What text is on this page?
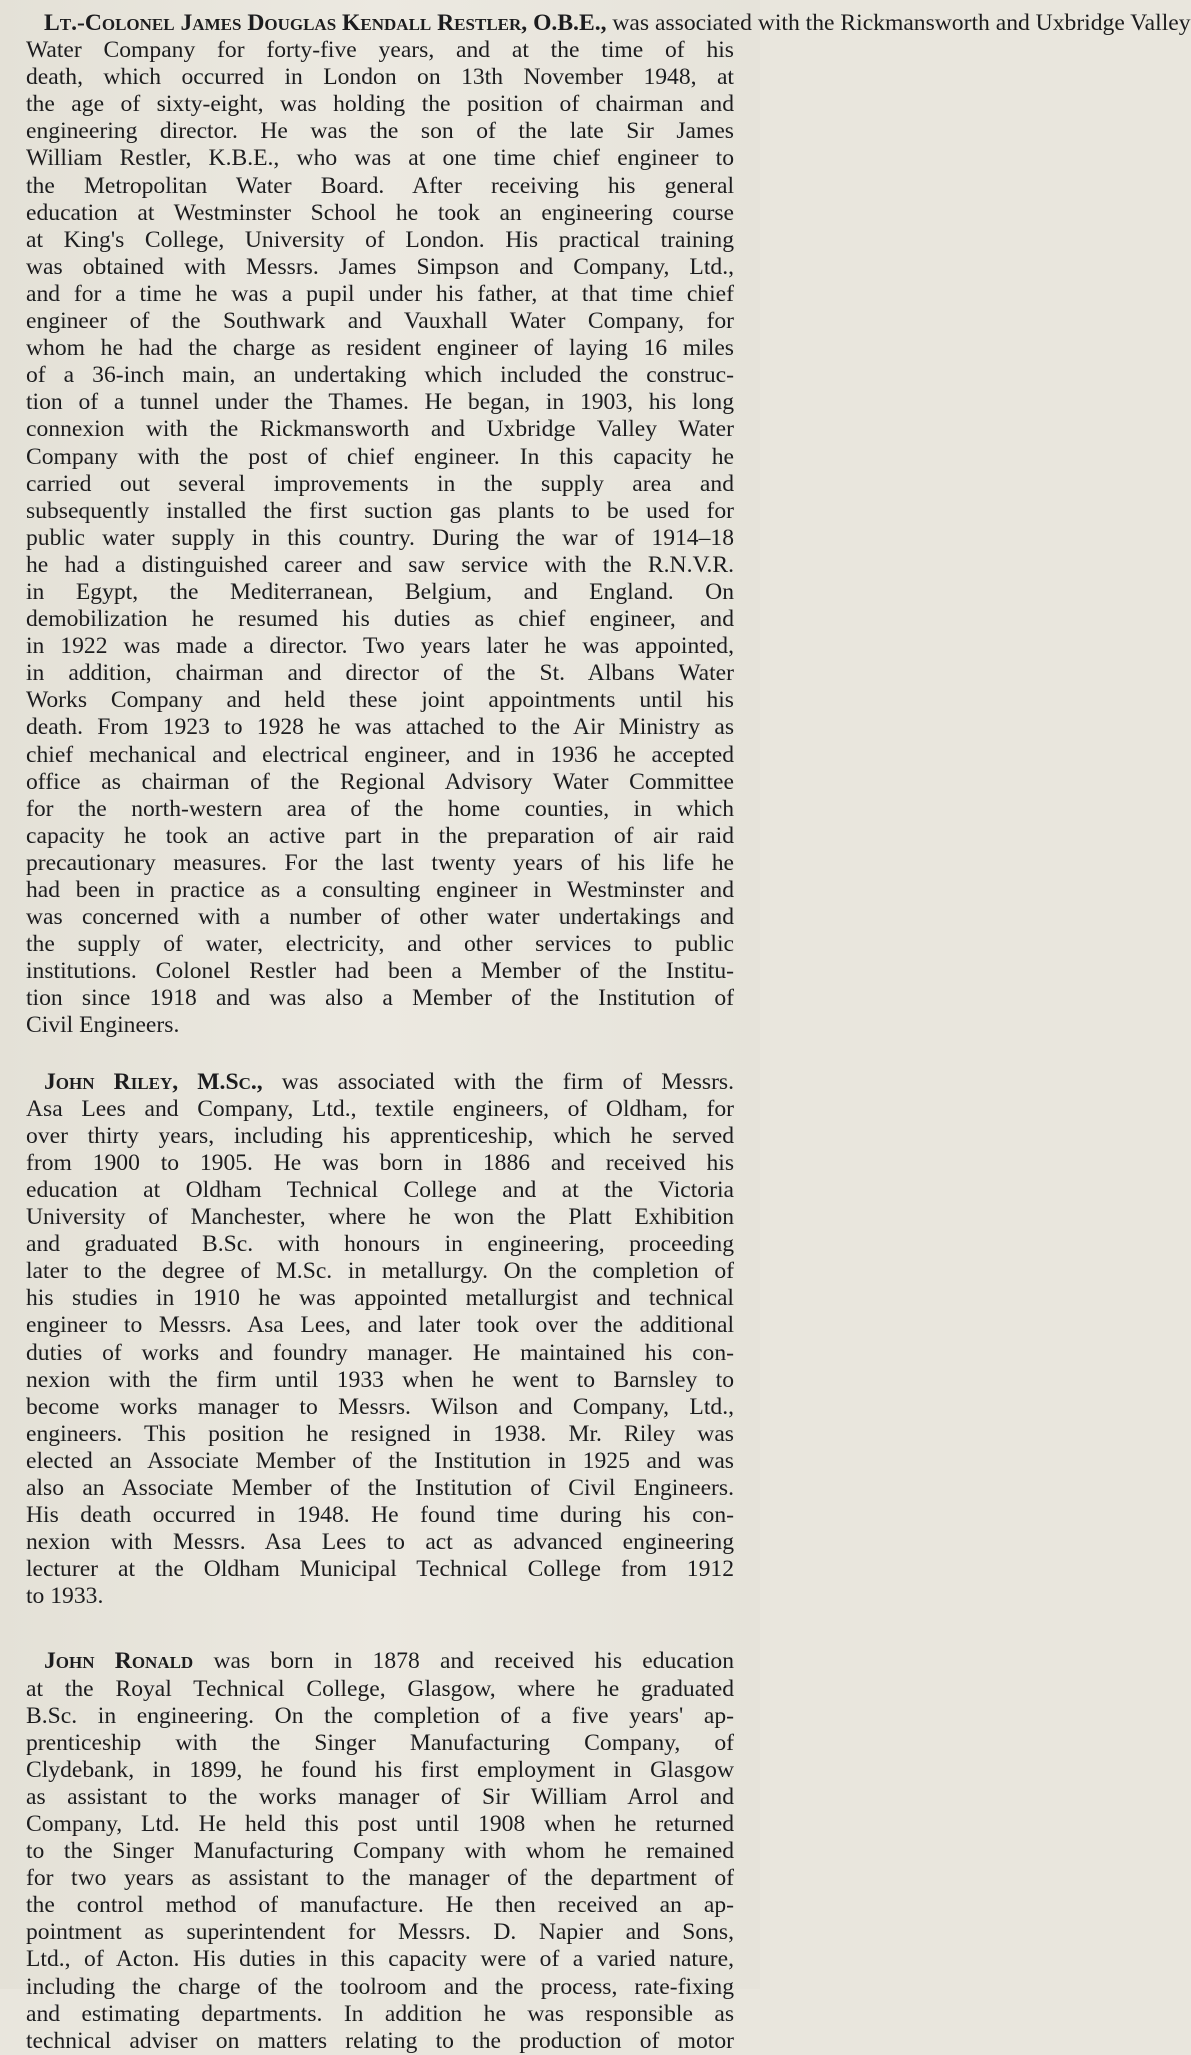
Lt.-Colonel James Douglas Kendall Restler, O.B.E., was associated with the Rickmansworth and Uxbridge Valley
Water Company for forty-five years, and at the time of his
death, which occurred in London on 13th November 1948, at
the age of sixty-eight, was holding the position of chairman and
engineering director. He was the son of the late Sir James
William Restler, K.B.E., who was at one time chief engineer to
the Metropolitan Water Board. After receiving his general
education at Westminster School he took an engineering course
at King's College, University of London. His practical training
was obtained with Messrs. James Simpson and Company, Ltd.,
and for a time he was a pupil under his father, at that time chief
engineer of the Southwark and Vauxhall Water Company, for
whom he had the charge as resident engineer of laying 16 miles
of a 36-inch main, an undertaking which included the construc-
tion of a tunnel under the Thames. He began, in 1903, his long
connexion with the Rickmansworth and Uxbridge Valley Water
Company with the post of chief engineer. In this capacity he
carried out several improvements in the supply area and
subsequently installed the first suction gas plants to be used for
public water supply in this country. During the war of 1914–18
he had a distinguished career and saw service with the R.N.V.R.
in Egypt, the Mediterranean, Belgium, and England. On
demobilization he resumed his duties as chief engineer, and
in 1922 was made a director. Two years later he was appointed,
in addition, chairman and director of the St. Albans Water
Works Company and held these joint appointments until his
death. From 1923 to 1928 he was attached to the Air Ministry as
chief mechanical and electrical engineer, and in 1936 he accepted
office as chairman of the Regional Advisory Water Committee
for the north-western area of the home counties, in which
capacity he took an active part in the preparation of air raid
precautionary measures. For the last twenty years of his life he
had been in practice as a consulting engineer in Westminster and
was concerned with a number of other water undertakings and
the supply of water, electricity, and other services to public
institutions. Colonel Restler had been a Member of the Institu-
tion since 1918 and was also a Member of the Institution of
Civil Engineers.
John Riley, M.Sc., was associated with the firm of Messrs.
Asa Lees and Company, Ltd., textile engineers, of Oldham, for
over thirty years, including his apprenticeship, which he served
from 1900 to 1905. He was born in 1886 and received his
education at Oldham Technical College and at the Victoria
University of Manchester, where he won the Platt Exhibition
and graduated B.Sc. with honours in engineering, proceeding
later to the degree of M.Sc. in metallurgy. On the completion of
his studies in 1910 he was appointed metallurgist and technical
engineer to Messrs. Asa Lees, and later took over the additional
duties of works and foundry manager. He maintained his con-
nexion with the firm until 1933 when he went to Barnsley to
become works manager to Messrs. Wilson and Company, Ltd.,
engineers. This position he resigned in 1938. Mr. Riley was
elected an Associate Member of the Institution in 1925 and was
also an Associate Member of the Institution of Civil Engineers.
His death occurred in 1948. He found time during his con-
nexion with Messrs. Asa Lees to act as advanced engineering
lecturer at the Oldham Municipal Technical College from 1912
to 1933.
John Ronald was born in 1878 and received his education
at the Royal Technical College, Glasgow, where he graduated
B.Sc. in engineering. On the completion of a five years' ap-
prenticeship with the Singer Manufacturing Company, of
Clydebank, in 1899, he found his first employment in Glasgow
as assistant to the works manager of Sir William Arrol and
Company, Ltd. He held this post until 1908 when he returned
to the Singer Manufacturing Company with whom he remained
for two years as assistant to the manager of the department of
the control method of manufacture. He then received an ap-
pointment as superintendent for Messrs. D. Napier and Sons,
Ltd., of Acton. His duties in this capacity were of a varied nature,
including the charge of the toolroom and the process, rate-fixing
and estimating departments. In addition he was responsible as
technical adviser on matters relating to the production of motor
